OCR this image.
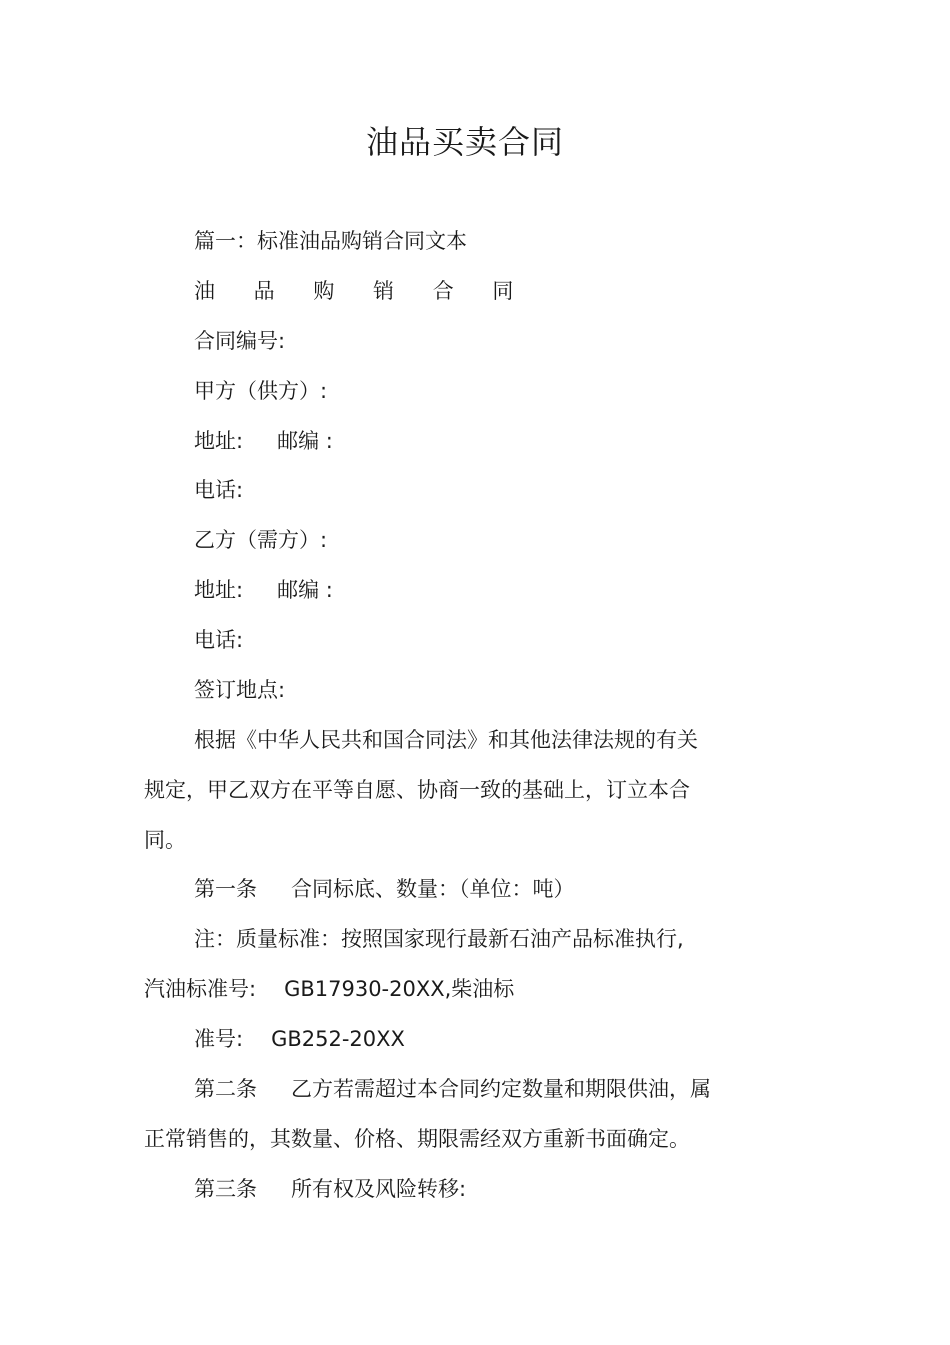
油品买卖合同
篇一：标准油品购销合同文本
油 品 购 销 合 同
合同编号:
甲方（供方）:
地址: 邮编 :
电话:
乙方（需方）:
地址: 邮编 :
电话:
签订地点:
根据《中华人民共和国合同法》和其他法律法规的有关
规定，甲乙双方在平等自愿、协商一致的基础上，订立本合
同。
第一条 合同标底、数量：（单位：吨）
注：质量标准：按照国家现行最新石油产品标准执行,
汽油标准号: GB17930-20XX,柴油标
准号: GB252-20XX
第二条 乙方若需超过本合同约定数量和期限供油，属
正常销售的，其数量、价格、期限需经双方重新书面确定。
第三条 所有权及风险转移:
